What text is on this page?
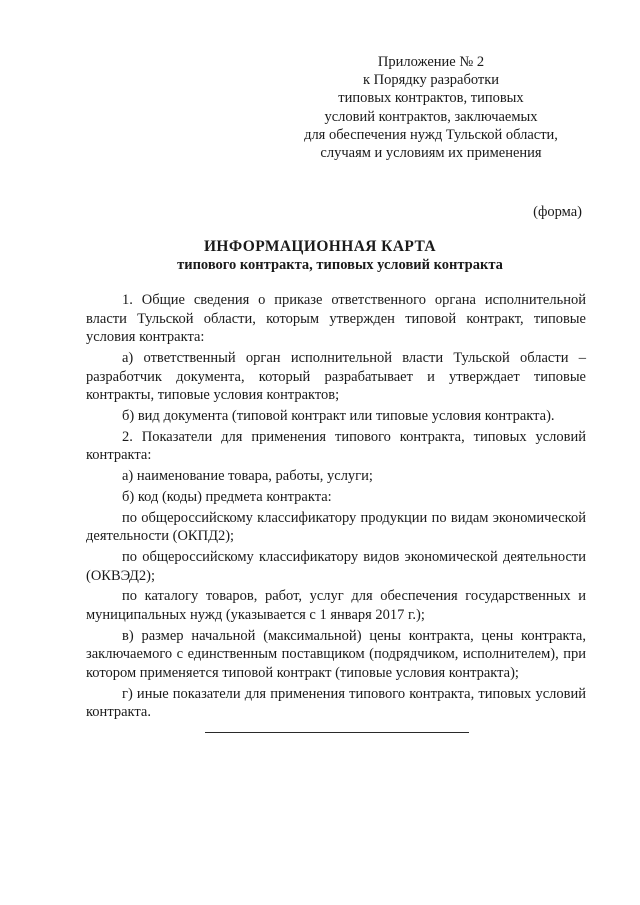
Приложение № 2
к Порядку разработки
типовых контрактов, типовых
условий контрактов, заключаемых
для обеспечения нужд Тульской области,
случаям и условиям их применения
(форма)
ИНФОРМАЦИОННАЯ КАРТА
типового контракта, типовых условий контракта

1. Общие сведения о приказе ответственного органа исполнительной власти Тульской области, которым утвержден типовой контракт, типовые условия контракта:

а) ответственный орган исполнительной власти Тульской области – разработчик документа, который разрабатывает и утверждает типовые контракты, типовые условия контрактов;

б) вид документа (типовой контракт или типовые условия контракта).

2. Показатели для применения типового контракта, типовых условий контракта:

а) наименование товара, работы, услуги;

б) код (коды) предмета контракта:

по общероссийскому классификатору продукции по видам экономической деятельности (ОКПД2);

по общероссийскому классификатору видов экономической деятельности (ОКВЭД2);

по каталогу товаров, работ, услуг для обеспечения государственных и муниципальных нужд (указывается с 1 января 2017 г.);

в) размер начальной (максимальной) цены контракта, цены контракта, заключаемого с единственным поставщиком (подрядчиком, исполнителем), при котором применяется типовой контракт (типовые условия контракта);

г) иные показатели для применения типового контракта, типовых условий контракта.
